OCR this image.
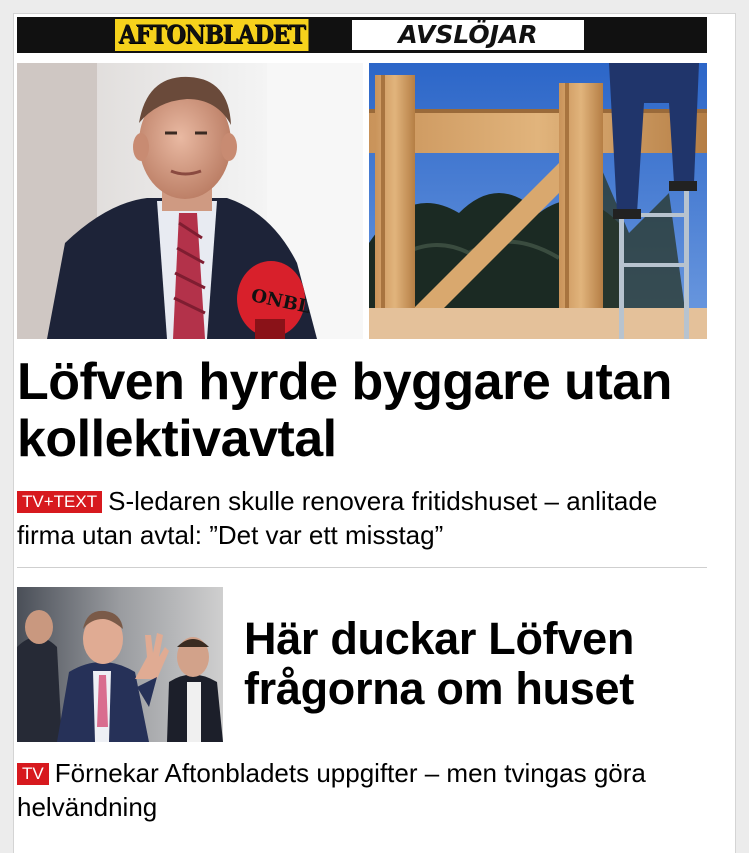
AFTONBLADET	AVSLÖJAR
ONBL
Löfven hyrde byggare utan kollektivavtal
TV+TEXT S-ledaren skulle renovera fritidshuset – anlitade firma utan avtal: ”Det var ett misstag”
Här duckar Löfven frågorna om huset
TV Förnekar Aftonbladets uppgifter – men tvingas göra helvändning
